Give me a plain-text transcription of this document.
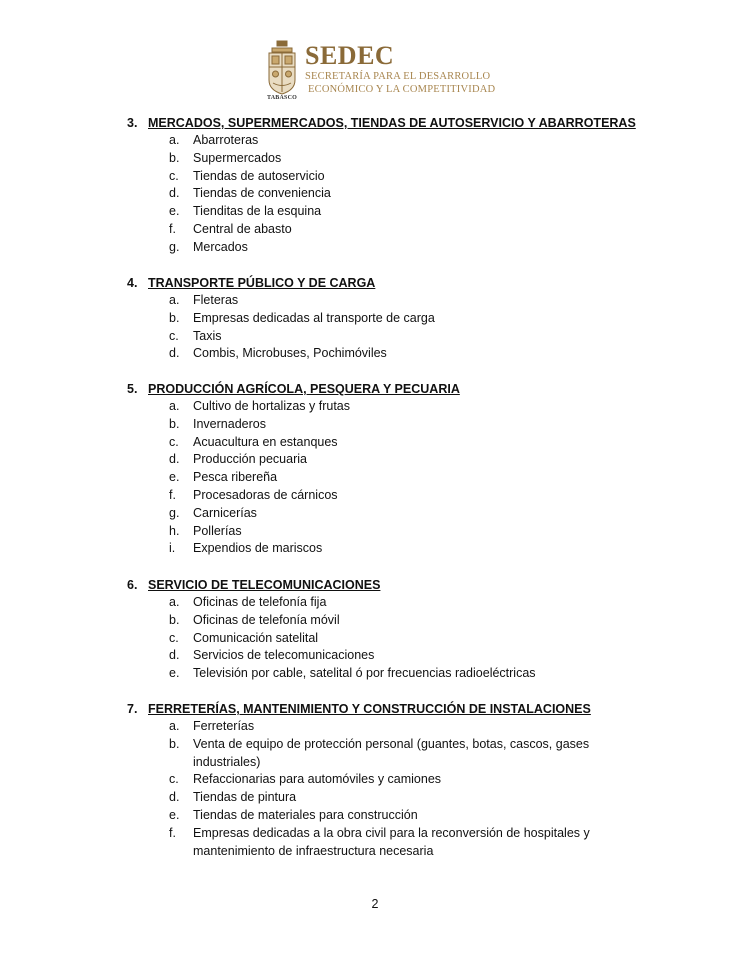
TABASCO
SEDEC
SECRETARÍA PARA EL DESARROLLO
ECONÓMICO Y LA COMPETITIVIDAD
3. MERCADOS, SUPERMERCADOS, TIENDAS DE AUTOSERVICIO Y ABARROTERAS
a. Abarroteras
b. Supermercados
c. Tiendas de autoservicio
d. Tiendas de conveniencia
e. Tienditas de la esquina
f. Central de abasto
g. Mercados
4. TRANSPORTE PÚBLICO Y DE CARGA
a. Fleteras
b. Empresas dedicadas al transporte de carga
c. Taxis
d. Combis, Microbuses, Pochimóviles
5. PRODUCCIÓN AGRÍCOLA, PESQUERA Y PECUARIA
a. Cultivo de hortalizas y frutas
b. Invernaderos
c. Acuacultura en estanques
d. Producción pecuaria
e. Pesca ribereña
f. Procesadoras de cárnicos
g. Carnicerías
h. Pollerías
i. Expendios de mariscos
6. SERVICIO DE TELECOMUNICACIONES
a. Oficinas de telefonía fija
b. Oficinas de telefonía móvil
c. Comunicación satelital
d. Servicios de telecomunicaciones
e. Televisión por cable, satelital ó por frecuencias radioeléctricas
7. FERRETERÍAS, MANTENIMIENTO Y CONSTRUCCIÓN DE INSTALACIONES
a. Ferreterías
b. Venta de equipo de protección personal (guantes, botas, cascos, gases industriales)
c. Refaccionarias para automóviles y camiones
d. Tiendas de pintura
e. Tiendas de materiales para construcción
f. Empresas dedicadas a la obra civil para la reconversión de hospitales y mantenimiento de infraestructura necesaria
2
